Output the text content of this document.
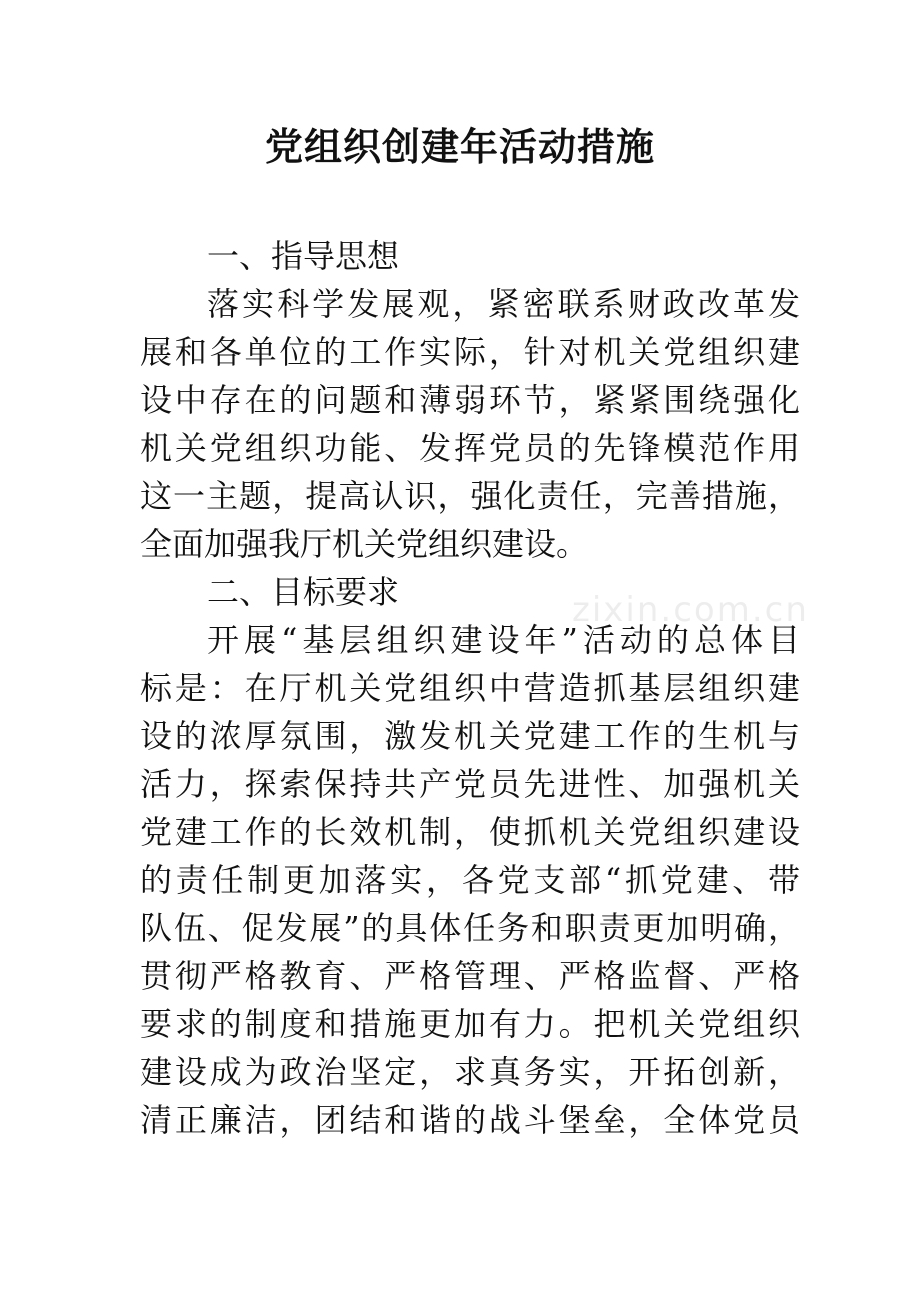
党组织创建年活动措施
zixin.com.cn
一、指导思想
落实科学发展观，紧密联系财政改革发
展和各单位的工作实际，针对机关党组织建
设中存在的问题和薄弱环节，紧紧围绕强化
机关党组织功能、发挥党员的先锋模范作用
这一主题，提高认识，强化责任，完善措施，
全面加强我厅机关党组织建设。
二、目标要求
开展“基层组织建设年”活动的总体目
标是：在厅机关党组织中营造抓基层组织建
设的浓厚氛围，激发机关党建工作的生机与
活力，探索保持共产党员先进性、加强机关
党建工作的长效机制，使抓机关党组织建设
的责任制更加落实，各党支部“抓党建、带
队伍、促发展”的具体任务和职责更加明确，
贯彻严格教育、严格管理、严格监督、严格
要求的制度和措施更加有力。把机关党组织
建设成为政治坚定，求真务实，开拓创新，
清正廉洁，团结和谐的战斗堡垒，全体党员
